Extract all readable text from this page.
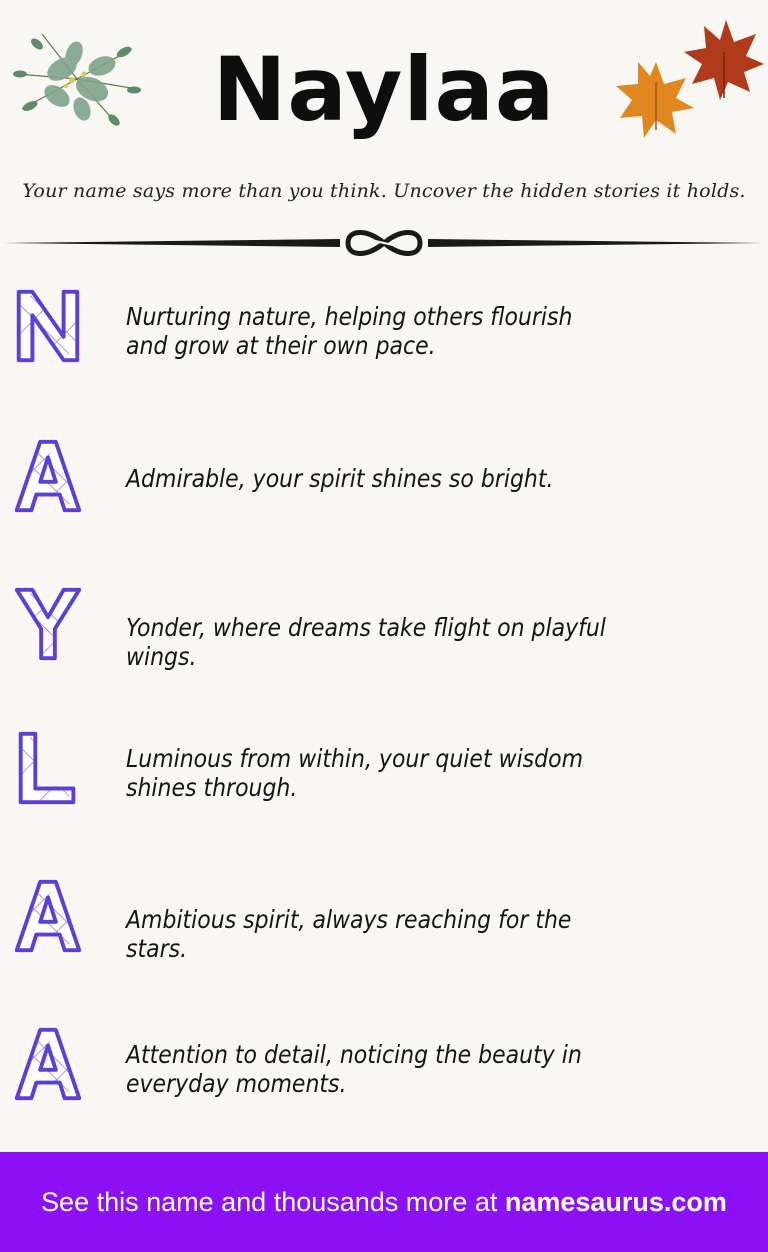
Naylaa
Your name says more than you think. Uncover the hidden stories it holds.
Nurturing nature, helping others flourish and grow at their own pace.
Admirable, your spirit shines so bright.
Yonder, where dreams take flight on playful wings.
Luminous from within, your quiet wisdom shines through.
Ambitious spirit, always reaching for the stars.
Attention to detail, noticing the beauty in everyday moments.
See this name and thousands more at namesaurus.com
